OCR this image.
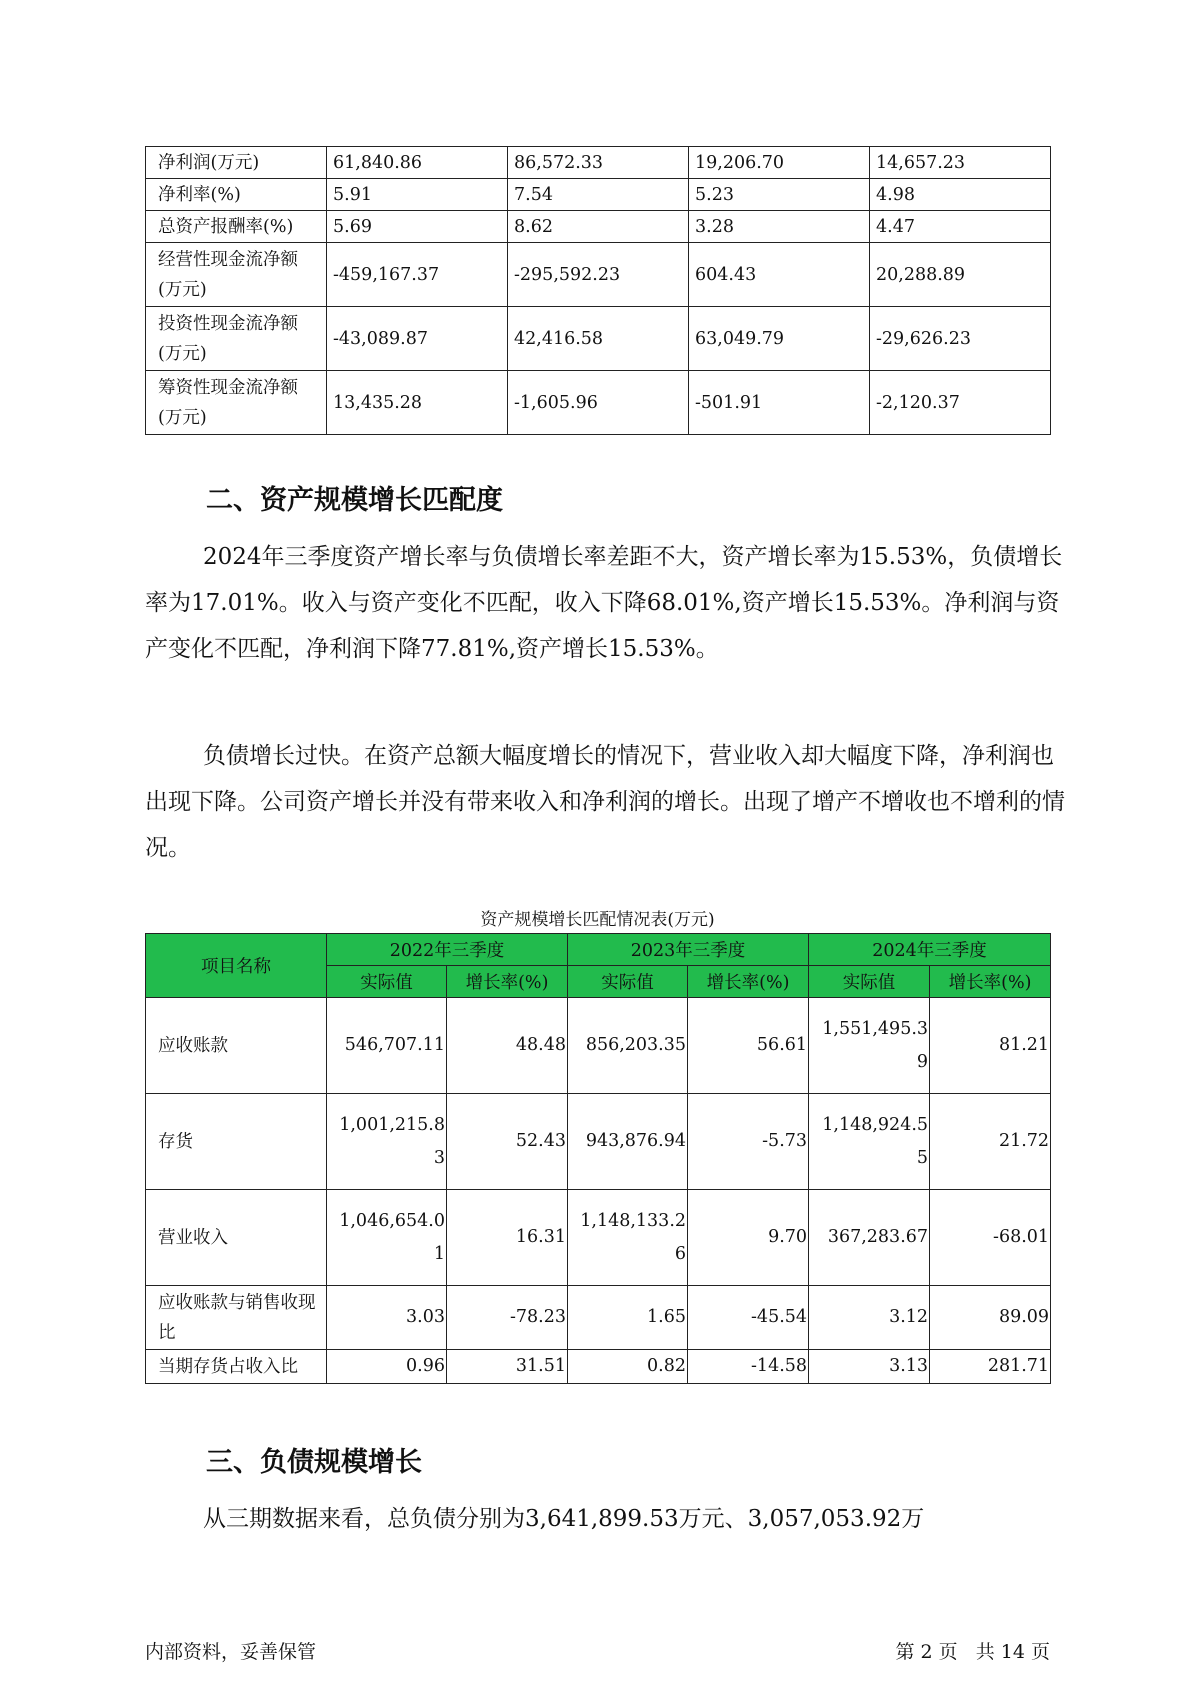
净利润(万元)	61,840.86	86,572.33	19,206.70	14,657.23
净利率(%)	5.91	7.54	5.23	4.98
总资产报酬率(%)	5.69	8.62	3.28	4.47
经营性现金流净额(万元)	-459,167.37	-295,592.23	604.43	20,288.89
投资性现金流净额(万元)	-43,089.87	42,416.58	63,049.79	-29,626.23
筹资性现金流净额(万元)	13,435.28	-1,605.96	-501.91	-2,120.37
二、资产规模增长匹配度

2024年三季度资产增长率与负债增长率差距不大，资产增长率为15.53%，负债增长率为17.01%。收入与资产变化不匹配，收入下降68.01%,资产增长15.53%。净利润与资产变化不匹配，净利润下降77.81%,资产增长15.53%。

负债增长过快。在资产总额大幅度增长的情况下，营业收入却大幅度下降，净利润也出现下降。公司资产增长并没有带来收入和净利润的增长。出现了增产不增收也不增利的情况。

资产规模增长匹配情况表(万元)
项目名称	2022年三季度		2023年三季度		2024年三季度	
	实际值	增长率(%)	实际值	增长率(%)	实际值	增长率(%)
应收账款	546,707.11	48.48	856,203.35	56.61	1,551,495.39	81.21
存货	1,001,215.83	52.43	943,876.94	-5.73	1,148,924.55	21.72
营业收入	1,046,654.01	16.31	1,148,133.26	9.70	367,283.67	-68.01
应收账款与销售收现比	3.03	-78.23	1.65	-45.54	3.12	89.09
当期存货占收入比	0.96	31.51	0.82	-14.58	3.13	281.71
三、负债规模增长

从三期数据来看，总负债分别为3,641,899.53万元、3,057,053.92万

内部资料，妥善保管	第 2 页   共 14 页
